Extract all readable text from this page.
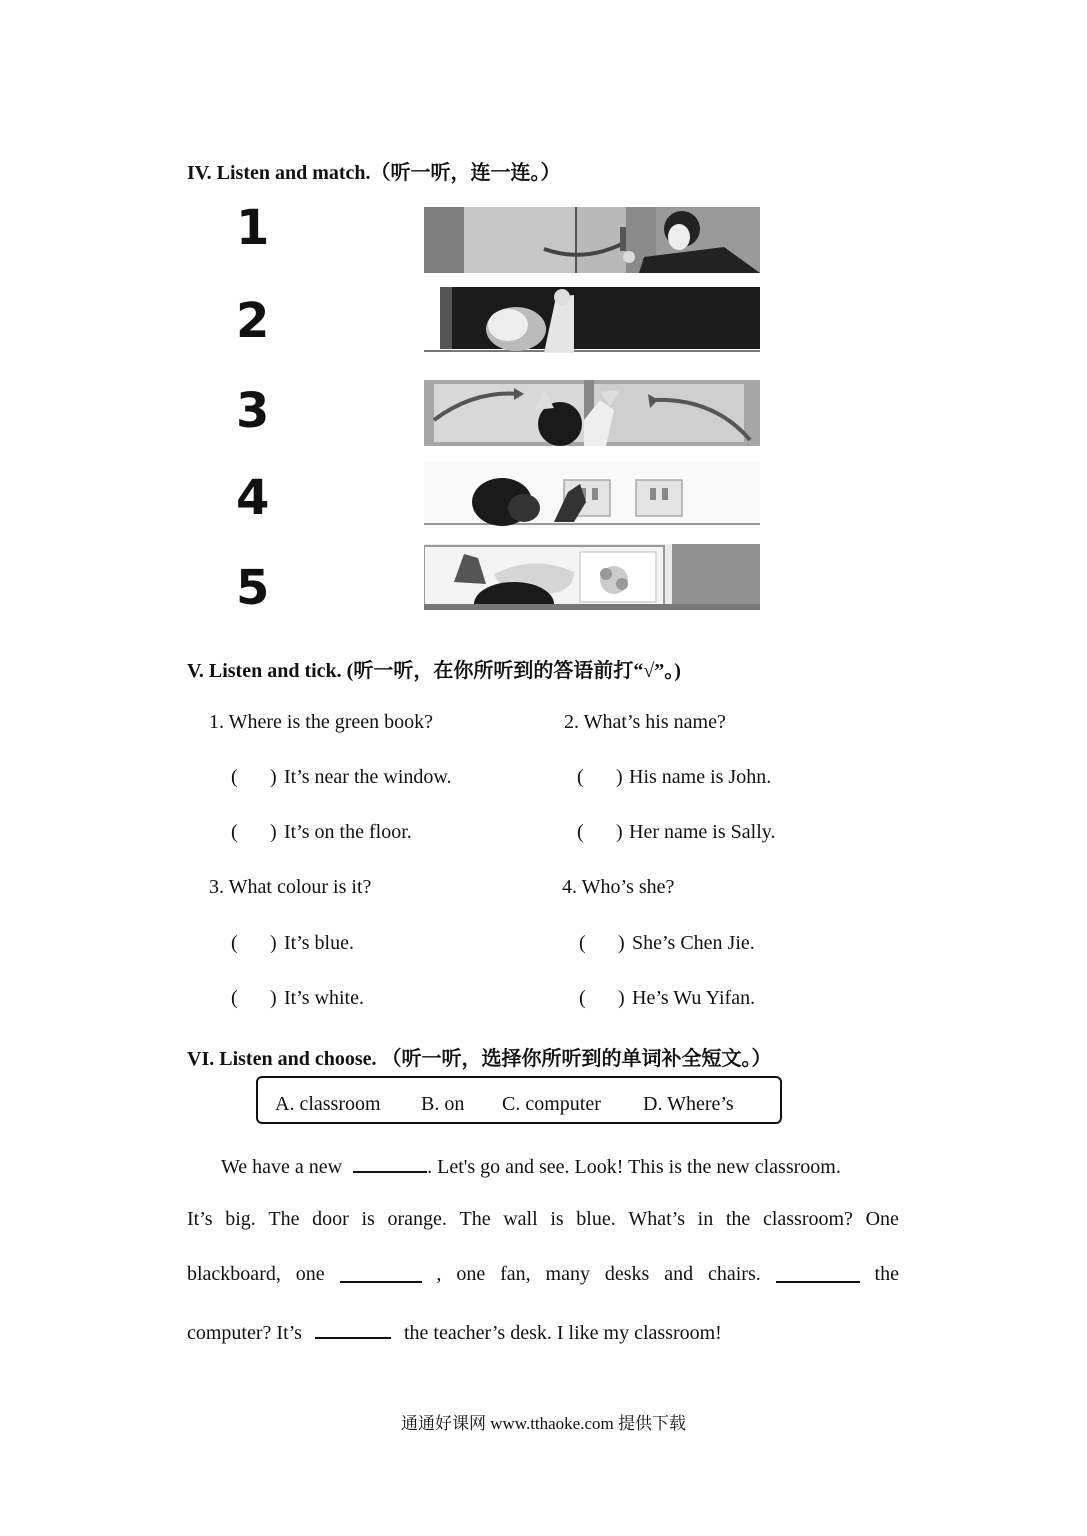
IV. Listen and match.（听一听，连一连。）
1
2
3
4
5
V. Listen and tick. (听一听，在你所听到的答语前打“√”。)
1. Where is the green book?	2. What’s his name?
( ) It’s near the window.	( ) His name is John.
( ) It’s on the floor.	( ) Her name is Sally.
3. What colour is it?	4. Who’s she?
( ) It’s blue.	( ) She’s Chen Jie.
( ) It’s white.	( ) He’s Wu Yifan.
VI. Listen and choose. （听一听，选择你所听到的单词补全短文。）
A. classroom B. on C. computer D. Where’s
We have a new	. Let's go and see. Look! This is the new classroom.
It’s big. The door is orange. The wall is blue. What’s in the classroom? One
blackboard, one	, one fan, many desks and chairs.	the
computer? It’s	the teacher’s desk. I like my classroom!
通通好课网 www.tthaoke.com 提供下载
